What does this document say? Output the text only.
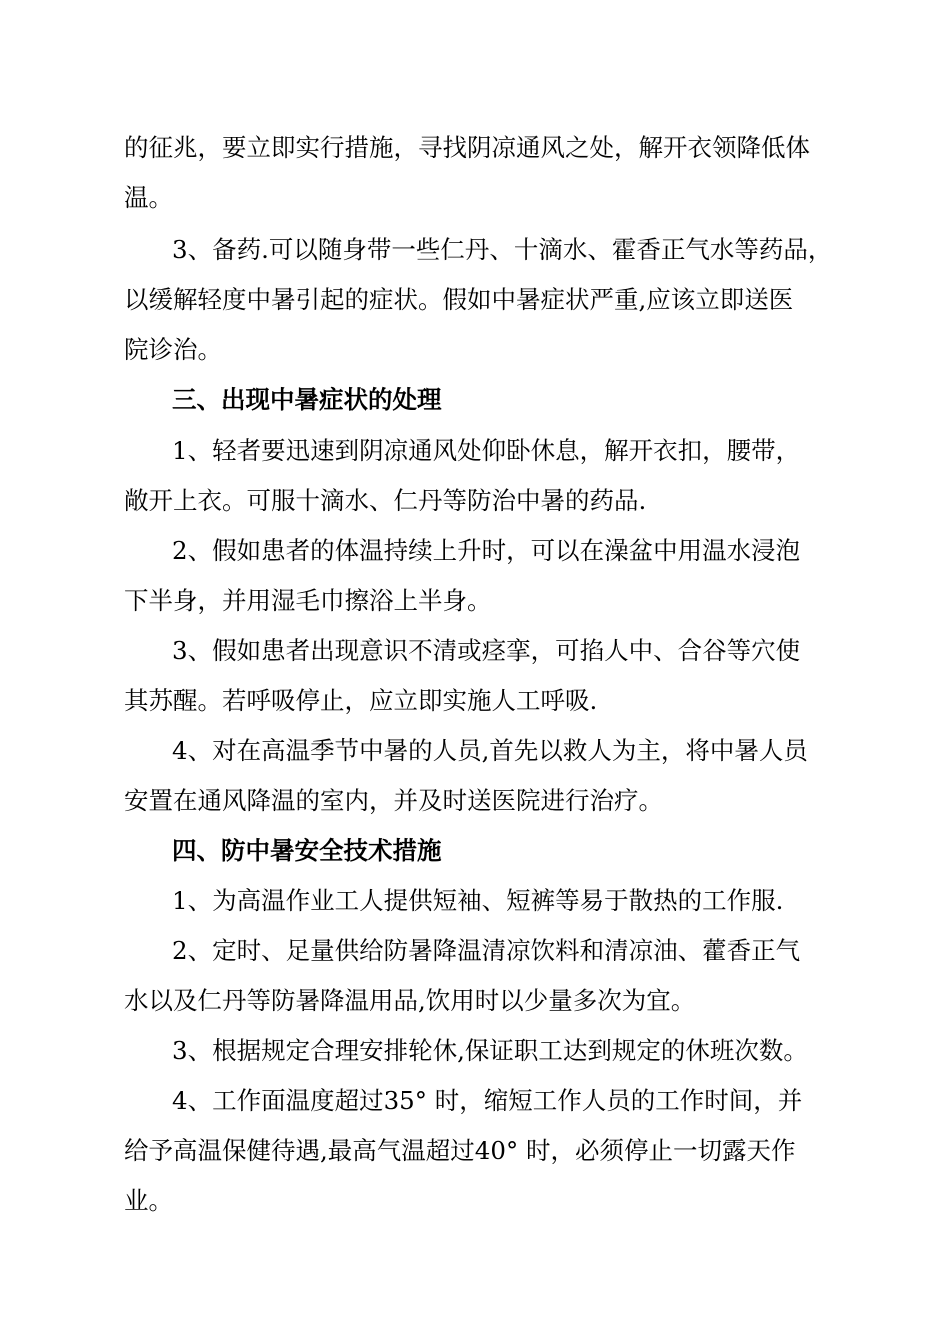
的征兆，要立即实行措施，寻找阴凉通风之处，解开衣领降低体
温。
3、备药.可以随身带一些仁丹、十滴水、霍香正气水等药品，
以缓解轻度中暑引起的症状。假如中暑症状严重,应该立即送医
院诊治。
三、出现中暑症状的处理
1、轻者要迅速到阴凉通风处仰卧休息，解开衣扣，腰带，
敞开上衣。可服十滴水、仁丹等防治中暑的药品.
2、假如患者的体温持续上升时，可以在澡盆中用温水浸泡
下半身，并用湿毛巾擦浴上半身。
3、假如患者出现意识不清或痉挛，可掐人中、合谷等穴使
其苏醒。若呼吸停止，应立即实施人工呼吸.
4、对在高温季节中暑的人员,首先以救人为主，将中暑人员
安置在通风降温的室内，并及时送医院进行治疗。
四、防中暑安全技术措施
1、为高温作业工人提供短袖、短裤等易于散热的工作服.
2、定时、足量供给防暑降温清凉饮料和清凉油、藿香正气
水以及仁丹等防暑降温用品,饮用时以少量多次为宜。
3、根据规定合理安排轮休,保证职工达到规定的休班次数。
4、工作面温度超过35° 时，缩短工作人员的工作时间，并
给予高温保健待遇,最高气温超过40° 时，必须停止一切露天作
业。
